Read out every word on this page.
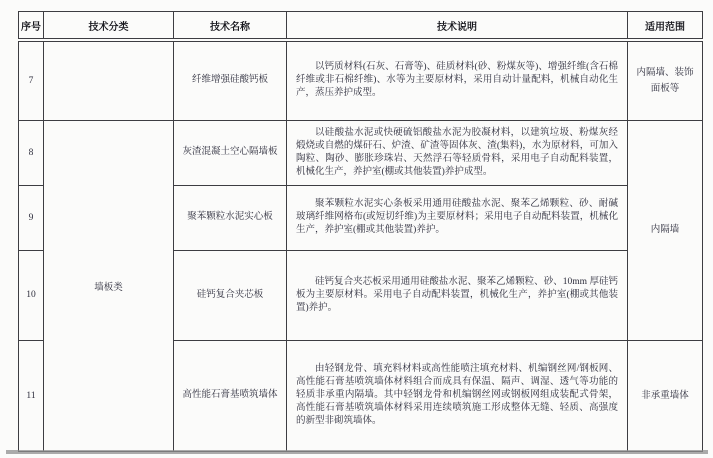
序号	技术分类	技术名称	技术说明	适用范围
7		纤维增强硅酸钙板	以钙质材料(石灰、石膏等)、硅质材料(砂、粉煤灰等)、增强纤维(含石棉纤维或非石棉纤维)、水等为主要原材料，采用自动计量配料，机械自动化生产，蒸压养护成型。	内隔墙、装饰面板等
8	墙板类	灰渣混凝土空心隔墙板	以硅酸盐水泥或快硬硫铝酸盐水泥为胶凝材料，以建筑垃圾、粉煤灰经煅烧或自燃的煤矸石、炉渣、矿渣等固体灰、渣(集料)，水为原材料，可加入陶粒、陶砂、膨胀珍珠岩、天然浮石等轻质骨料，采用电子自动配料装置，机械化生产，养护室(棚或其他装置)养护成型。	内隔墙
9		聚苯颗粒水泥实心板	聚苯颗粒水泥实心条板采用通用硅酸盐水泥、聚苯乙烯颗粒、砂、耐碱玻璃纤维网格布(或短切纤维)为主要原材料；采用电子自动配料装置，机械化生产，养护室(棚或其他装置)养护。	
10		硅钙复合夹芯板	硅钙复合夹芯板采用通用硅酸盐水泥、聚苯乙烯颗粒、砂、10mm 厚硅钙板为主要原材料。采用电子自动配料装置，机械化生产，养护室(棚或其他装置)养护。	
11		高性能石膏基喷筑墙体	由轻钢龙骨、填充料材料或高性能喷注填充材料、机编钢丝网/钢板网、高性能石膏基喷筑墙体材料组合而成具有保温、隔声、调湿、透气等功能的轻质非承重内隔墙。其中轻钢龙骨和机编钢丝网或钢板网组成装配式骨架，高性能石膏基喷筑墙体材料采用连续喷筑施工形成整体无缝、轻质、高强度的新型非砌筑墙体。	非承重墙体
